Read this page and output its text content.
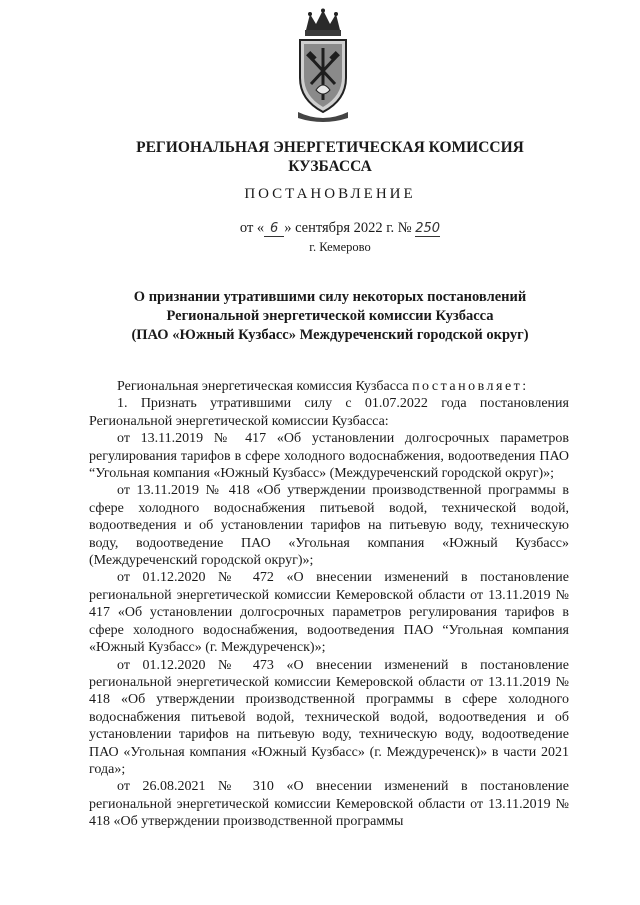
РЕГИОНАЛЬНАЯ ЭНЕРГЕТИЧЕСКАЯ КОМИССИЯ
КУЗБАССА
ПОСТАНОВЛЕНИЕ
от « 6 » сентября 2022 г. № 250
г. Кемерово
О признании утратившими силу некоторых постановлений
Региональной энергетической комиссии Кузбасса
(ПАО «Южный Кузбасс» Междуреченский городской округ)

Региональная энергетическая комиссия Кузбасса постановляет:

1. Признать утратившими силу с 01.07.2022 года постановления Региональной энергетической комиссии Кузбасса:

от 13.11.2019 № 417 «Об установлении долгосрочных параметров регулирования тарифов в сфере холодного водоснабжения, водоотведения ПАО “Угольная компания «Южный Кузбасс» (Междуреченский городской округ)»;

от 13.11.2019 № 418 «Об утверждении производственной программы в сфере холодного водоснабжения питьевой водой, технической водой, водоотведения и об установлении тарифов на питьевую воду, техническую воду, водоотведение ПАО «Угольная компания «Южный Кузбасс» (Междуреченский городской округ)»;

от 01.12.2020 № 472 «О внесении изменений в постановление региональной энергетической комиссии Кемеровской области от 13.11.2019 № 417 «Об установлении долгосрочных параметров регулирования тарифов в сфере холодного водоснабжения, водоотведения ПАО “Угольная компания «Южный Кузбасс» (г. Междуреченск)»;

от 01.12.2020 № 473 «О внесении изменений в постановление региональной энергетической комиссии Кемеровской области от 13.11.2019 № 418 «Об утверждении производственной программы в сфере холодного водоснабжения питьевой водой, технической водой, водоотведения и об установлении тарифов на питьевую воду, техническую воду, водоотведение ПАО «Угольная компания «Южный Кузбасс» (г. Междуреченск)» в части 2021 года»;

от 26.08.2021 № 310 «О внесении изменений в постановление региональной энергетической комиссии Кемеровской области от 13.11.2019 № 418 «Об утверждении производственной программы
